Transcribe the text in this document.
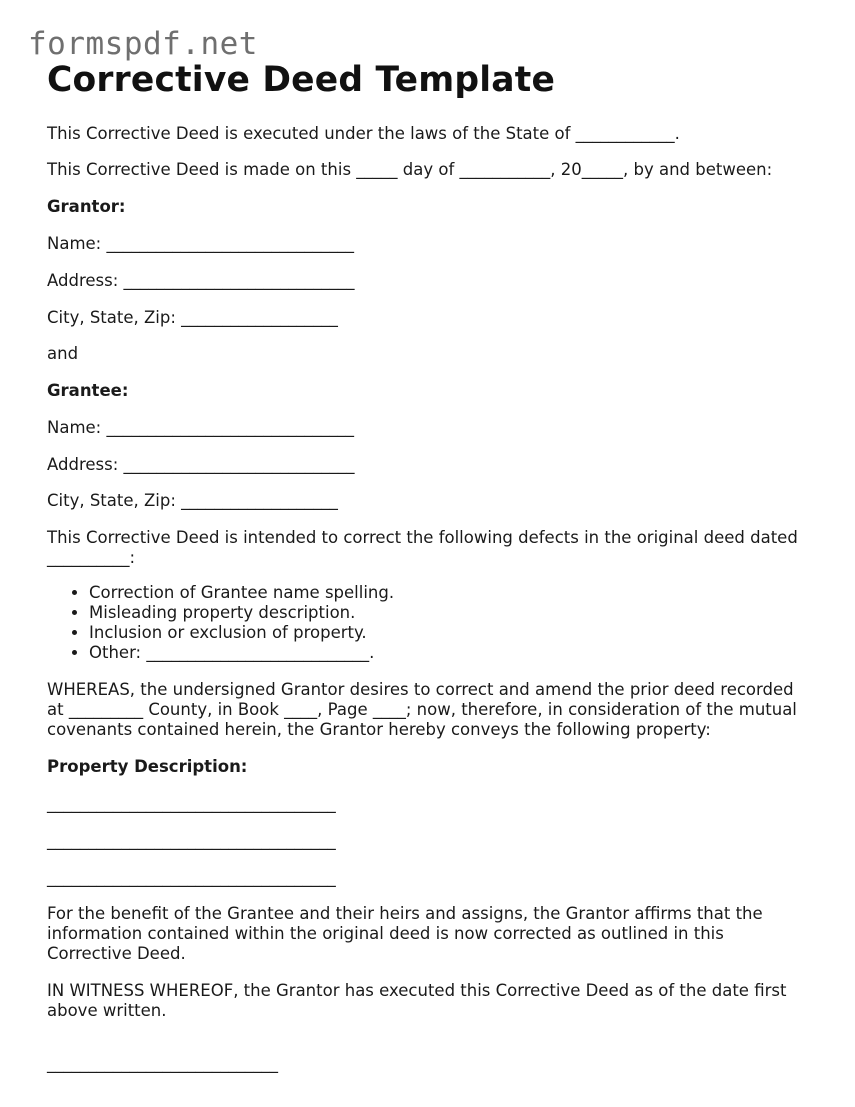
formspdf.net
Corrective Deed Template

This Corrective Deed is executed under the laws of the State of ____________.

This Corrective Deed is made on this _____ day of ___________, 20_____, by and between:

Grantor:

Name: ______________________________

Address: ____________________________

City, State, Zip: ___________________

and

Grantee:

Name: ______________________________

Address: ____________________________

City, State, Zip: ___________________

This Corrective Deed is intended to correct the following defects in the original deed dated __________:

• Correction of Grantee name spelling.
• Misleading property description.
• Inclusion or exclusion of property.
• Other: ___________________________.

WHEREAS, the undersigned Grantor desires to correct and amend the prior deed recorded at _________ County, in Book ____, Page ____; now, therefore, in consideration of the mutual covenants contained herein, the Grantor hereby conveys the following property:

Property Description:

___________________________________

___________________________________

___________________________________

For the benefit of the Grantee and their heirs and assigns, the Grantor affirms that the information contained within the original deed is now corrected as outlined in this Corrective Deed.

IN WITNESS WHEREOF, the Grantor has executed this Corrective Deed as of the date first above written.

____________________________
